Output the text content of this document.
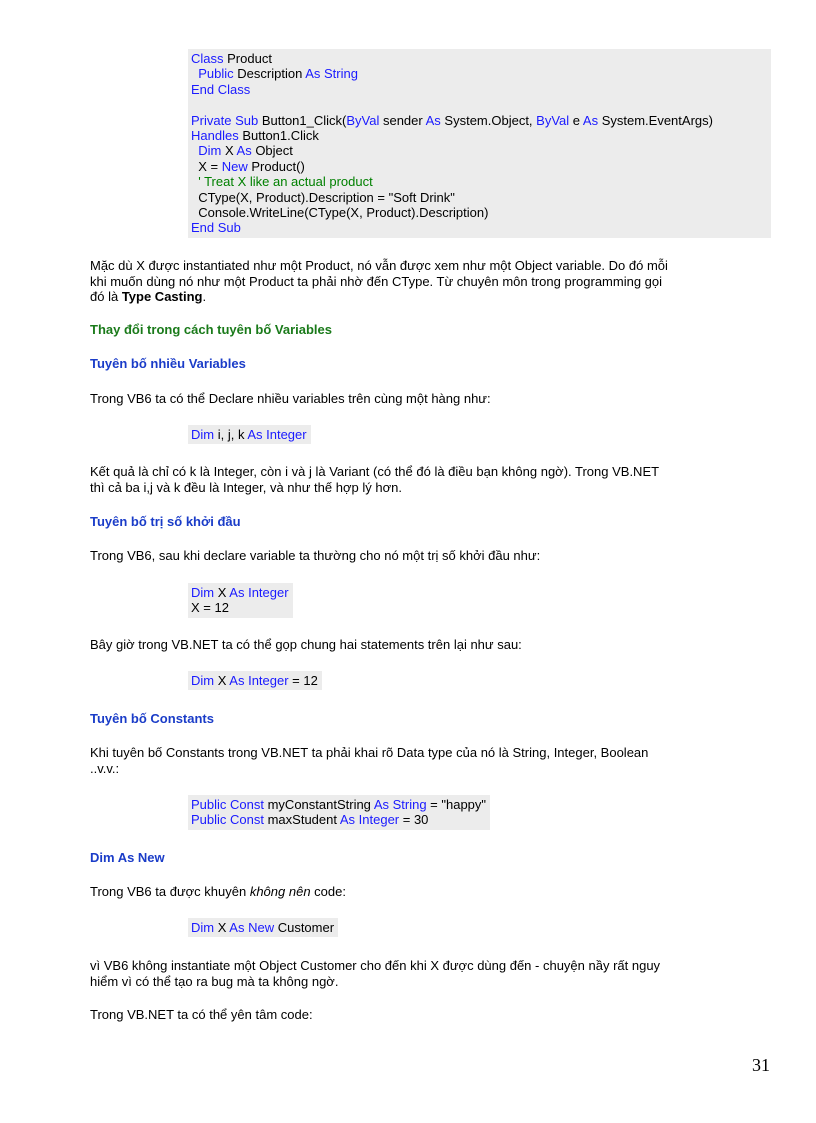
Class Product
Public Description As String
End Class
Private Sub Button1_Click(ByVal sender As System.Object, ByVal e As System.EventArgs)
Handles Button1.Click
Dim X As Object
X = New Product()
' Treat X like an actual product
CType(X, Product).Description = "Soft Drink"
Console.WriteLine(CType(X, Product).Description)
End Sub
Mặc dù X được instantiated như một Product, nó vẫn được xem như một Object variable. Do đó mỗi khi muốn dùng nó như một Product ta phải nhờ đến CType. Từ chuyên môn trong programming gọi đó là Type Casting.
Thay đổi trong cách tuyên bố Variables
Tuyên bố nhiều Variables
Trong VB6 ta có thể Declare nhiều variables trên cùng một hàng như:
Dim i, j, k As Integer
Kết quả là chỉ có k là Integer, còn i và j là Variant (có thể đó là điều bạn không ngờ). Trong VB.NET thì cả ba i,j và k đều là Integer, và như thế hợp lý hơn.
Tuyên bố trị số khởi đầu
Trong VB6, sau khi declare variable ta thường cho nó một trị số khởi đầu như:
Dim X As Integer
X = 12
Bây giờ trong VB.NET ta có thể gọp chung hai statements trên lại như sau:
Dim X As Integer = 12
Tuyên bố Constants
Khi tuyên bố Constants trong VB.NET ta phải khai rõ Data type của nó là String, Integer, Boolean ..v.v.:
Public Const myConstantString As String = "happy"
Public Const maxStudent As Integer = 30
Dim As New
Trong VB6 ta được khuyên không nên code:
Dim X As New Customer
vì VB6 không instantiate một Object Customer cho đến khi X được dùng đến - chuyện nầy rất nguy hiểm vì có thể tạo ra bug mà ta không ngờ.
Trong VB.NET ta có thể yên tâm code:
31
